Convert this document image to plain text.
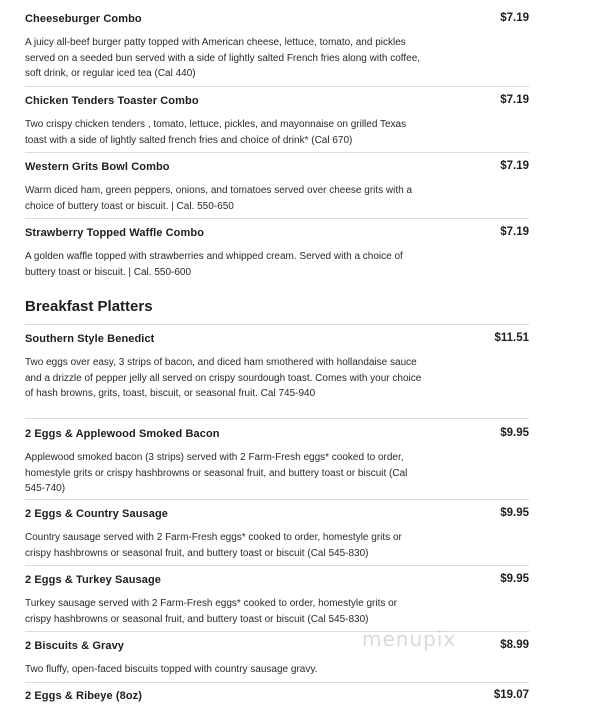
Cheeseburger Combo	$7.19
A juicy all-beef burger patty topped with American cheese, lettuce, tomato, and pickles served on a seeded bun served with a side of lightly salted French fries along with coffee, soft drink, or regular iced tea (Cal 440)
Chicken Tenders Toaster Combo	$7.19
Two crispy chicken tenders , tomato, lettuce, pickles, and mayonnaise on grilled Texas toast with a side of lightly salted french fries and choice of drink* (Cal 670)
Western Grits Bowl Combo	$7.19
Warm diced ham, green peppers, onions, and tomatoes served over cheese grits with a choice of buttery toast or biscuit. | Cal. 550-650
Strawberry Topped Waffle Combo	$7.19
A golden waffle topped with strawberries and whipped cream. Served with a choice of buttery toast or biscuit. | Cal. 550-600
Breakfast Platters
Southern Style Benedict	$11.51
Two eggs over easy, 3 strips of bacon, and diced ham smothered with hollandaise sauce and a drizzle of pepper jelly all served on crispy sourdough toast. Comes with your choice of hash browns, grits, toast, biscuit, or seasonal fruit. Cal 745-940
2 Eggs & Applewood Smoked Bacon	$9.95
Applewood smoked bacon (3 strips) served with 2 Farm-Fresh eggs* cooked to order, homestyle grits or crispy hashbrowns or seasonal fruit, and buttery toast or biscuit (Cal 545-740)
2 Eggs & Country Sausage	$9.95
Country sausage served with 2 Farm-Fresh eggs* cooked to order, homestyle grits or crispy hashbrowns or seasonal fruit, and buttery toast or biscuit (Cal 545-830)
2 Eggs & Turkey Sausage	$9.95
Turkey sausage served with 2 Farm-Fresh eggs* cooked to order, homestyle grits or crispy hashbrowns or seasonal fruit, and buttery toast or biscuit (Cal 545-830)
2 Biscuits & Gravy	$8.99
Two fluffy, open-faced biscuits topped with country sausage gravy.
2 Eggs & Ribeye (8oz)	$19.07
menupix
